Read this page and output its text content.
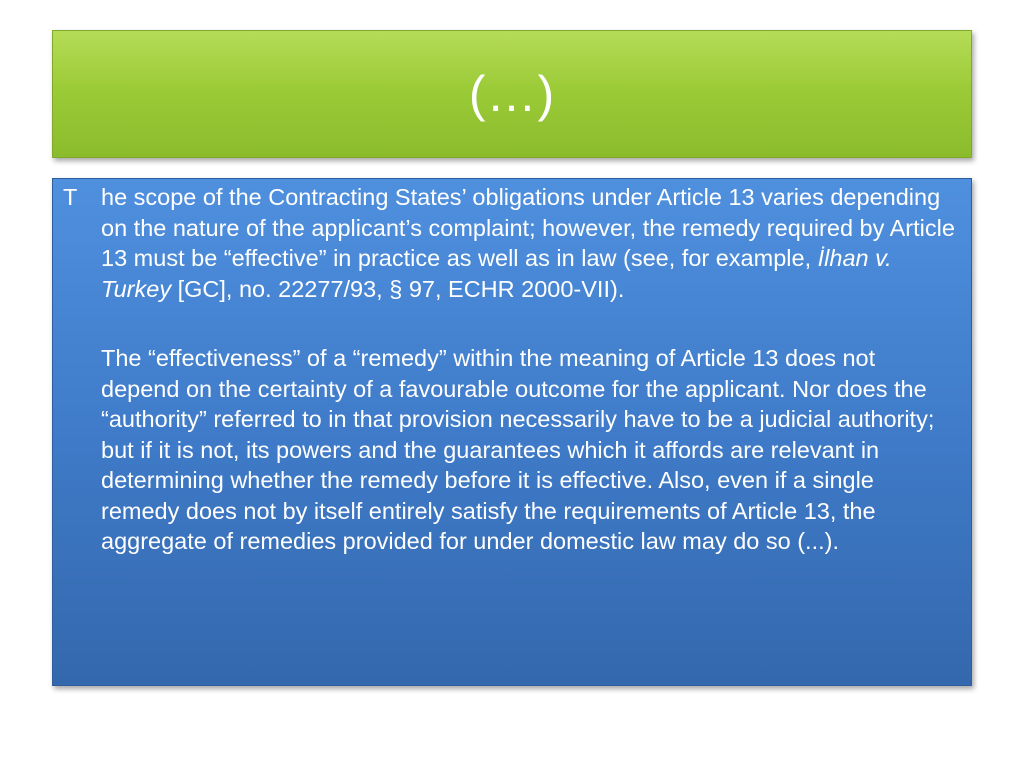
(…)
T he scope of the Contracting States’ obligations under Article 13 varies depending on the nature of the applicant’s complaint; however, the remedy required by Article 13 must be “effective” in practice as well as in law (see, for example, İlhan v. Turkey [GC], no. 22277/93, § 97, ECHR 2000-VII).
The “effectiveness” of a “remedy” within the meaning of Article 13 does not depend on the certainty of a favourable outcome for the applicant. Nor does the “authority” referred to in that provision necessarily have to be a judicial authority; but if it is not, its powers and the guarantees which it affords are relevant in determining whether the remedy before it is effective. Also, even if a single remedy does not by itself entirely satisfy the requirements of Article 13, the aggregate of remedies provided for under domestic law may do so (...).
